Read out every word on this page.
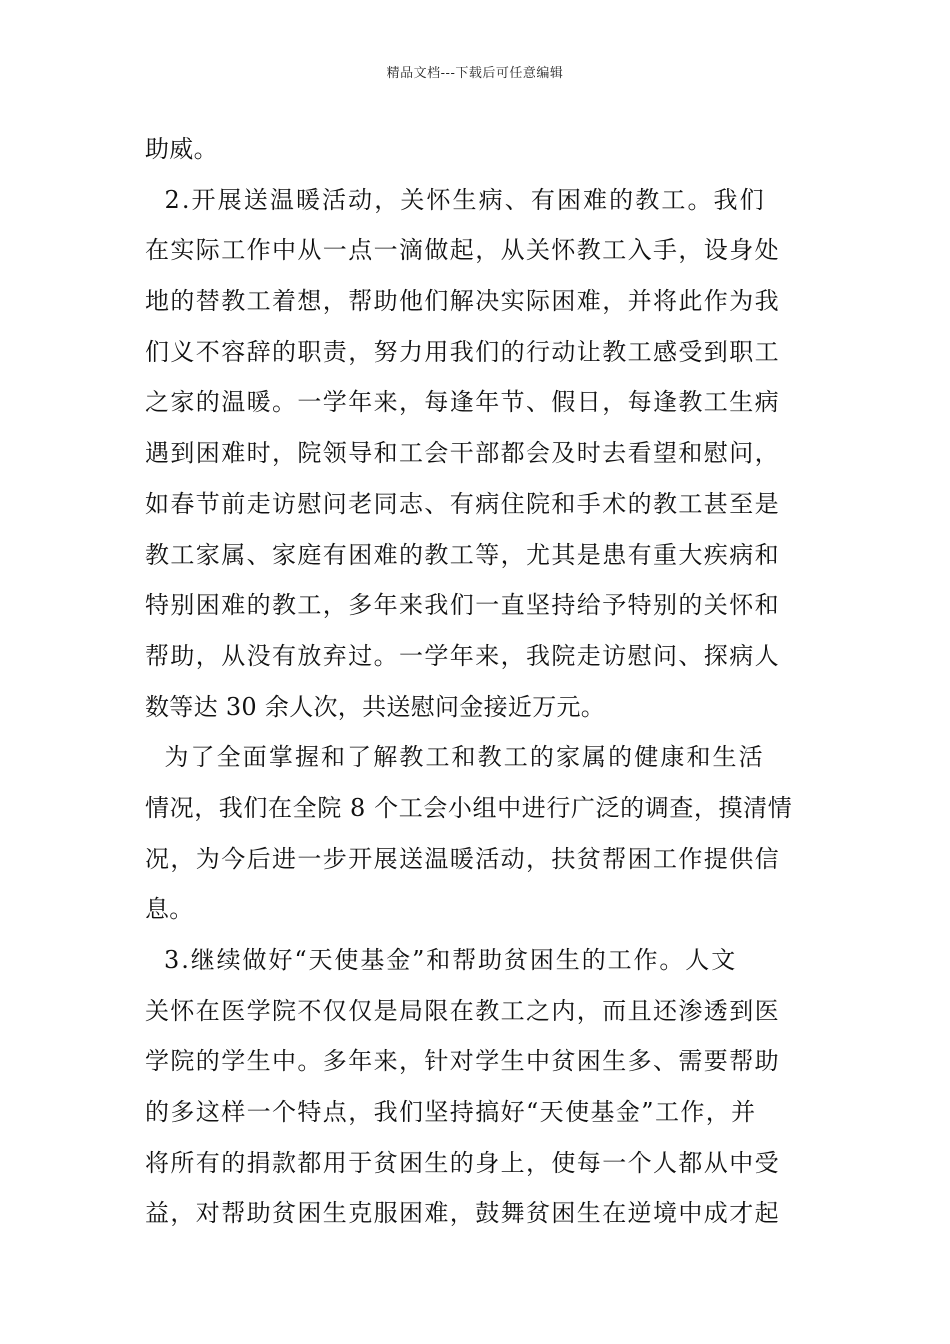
精品文档---下载后可任意编辑
助威。
2.开展送温暖活动，关怀生病、有困难的教工。我们
在实际工作中从一点一滴做起，从关怀教工入手，设身处
地的替教工着想，帮助他们解决实际困难，并将此作为我
们义不容辞的职责，努力用我们的行动让教工感受到职工
之家的温暖。一学年来，每逢年节、假日，每逢教工生病
遇到困难时，院领导和工会干部都会及时去看望和慰问，
如春节前走访慰问老同志、有病住院和手术的教工甚至是
教工家属、家庭有困难的教工等，尤其是患有重大疾病和
特别困难的教工，多年来我们一直坚持给予特别的关怀和
帮助，从没有放弃过。一学年来，我院走访慰问、探病人
数等达 30 余人次，共送慰问金接近万元。
为了全面掌握和了解教工和教工的家属的健康和生活
情况，我们在全院 8 个工会小组中进行广泛的调查，摸清情
况，为今后进一步开展送温暖活动，扶贫帮困工作提供信
息。
3.继续做好“天使基金”和帮助贫困生的工作。人文
关怀在医学院不仅仅是局限在教工之内，而且还渗透到医
学院的学生中。多年来，针对学生中贫困生多、需要帮助
的多这样一个特点，我们坚持搞好“天使基金”工作，并
将所有的捐款都用于贫困生的身上，使每一个人都从中受
益，对帮助贫困生克服困难，鼓舞贫困生在逆境中成才起
